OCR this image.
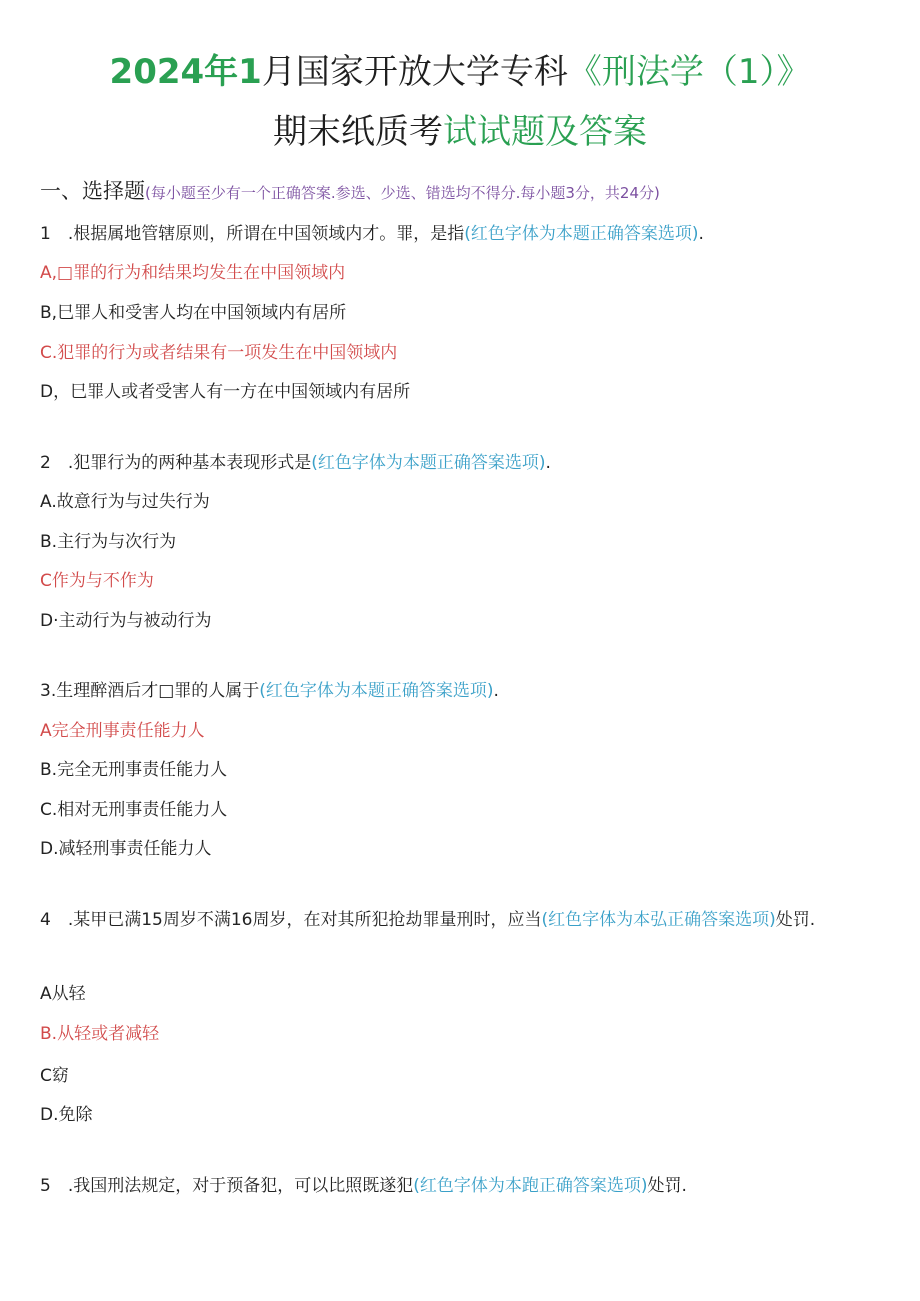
2024年1月国家开放大学专科《刑法学（1）》
期末纸质考试试题及答案
一、选择题(每小题至少有一个正确答案.参选、少选、错选均不得分.每小题3分，共24分)
1　.根据属地管辖原则，所谓在中国领域内才。罪，是指(红色字体为本题正确答案选项).
A,□罪的行为和结果均发生在中国领域内
B,巳罪人和受害人均在中国领域内有居所
C.犯罪的行为或者结果有一项发生在中国领域内
D，巳罪人或者受害人有一方在中国领域内有居所
2　.犯罪行为的两种基本表现形式是(红色字体为本题正确答案选项).
A.故意行为与过失行为
B.主行为与次行为
C作为与不作为
D·主动行为与被动行为
3.生理醉酒后才□罪的人属于(红色字体为本题正确答案选项).
A完全刑事责任能力人
B.完全无刑事责任能力人
C.相对无刑事责任能力人
D.减轻刑事责任能力人
4　.某甲已满15周岁不满16周岁，在对其所犯抢劫罪量刑时，应当(红色字体为本弘正确答案选项)处罚.
A从轻
B.从轻或者减轻
C窈
D.免除
5　.我国刑法规定，对于预备犯，可以比照既遂犯(红色字体为本跑正确答案选项)处罚.
